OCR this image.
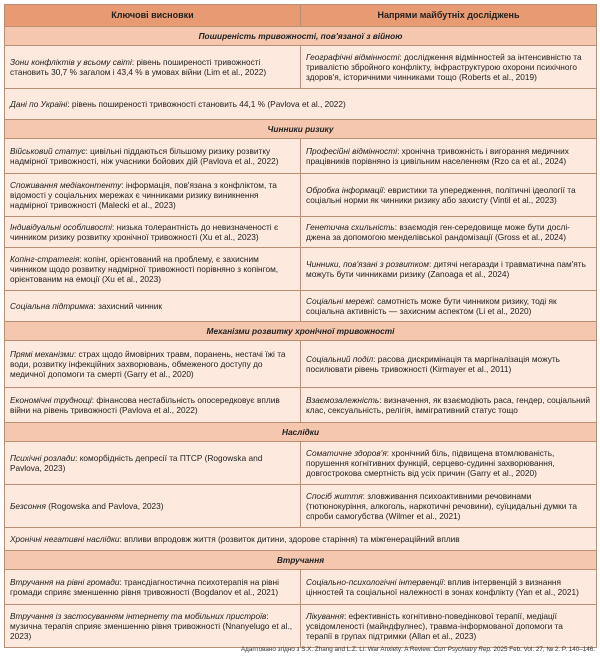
Ключові висновки	Напрями майбутніх досліджень
Поширеність тривожності, пов'язаної з війною	
Зони конфліктів у всьому світі: рівень поширеності тривожності становить 30,7 % загалом і 43,4 % в умовах війни (Lim et al., 2022)	Географічні відмінності: дослідження відмінностей за інтенсивністю та тривалістю збройного конфлікту, інфраструктурою охорони психічного здоров'я, історичними чинниками тощо (Roberts et al., 2019)
Дані по Україні: рівень поширеності тривожності становить 44,1 % (Pavlova et al., 2022)	
Чинники ризику	
Військовий статус: цивільні піддаються більшому ризику розвитку надмірної тривожності, ніж учасники бойових дій (Pavlova et al., 2022)	Професійні відмінності: хронічна тривожність і вигорання медичних працівників порівняно із цивільним населенням (Rzo ca et al., 2024)
Споживання медіаконтенту: інформація, пов'язана з конфліктом, та відомості у соціальних мережах є чинниками ризику виникнення надмірної тривожності (Malecki et al., 2023)	Обробка інформації: евристики та упередження, політичні ідеології та соціальні норми як чинники ризику або захисту (Vintil et al., 2023)
Індивідуальні особливості: низька толерантність до невизначеності є чинником ризику розвитку хронічної тривожності (Xu et al., 2023)	Генетична схильність: взаємодія ген-середовище може бути дослі-джена за допомогою менделівської рандомізації (Gross et al., 2024)
Копінг-стратегія: копінг, орієнтований на проблему, є захисним чинником щодо розвитку надмірної тривожності порівняно з копінгом, орієнтованим на емоції (Xu et al., 2023)	Чинники, пов'язані з розвитком: дитячі негаразди і травматична пам'ять можуть бути чинниками ризику (Zanoaga et al., 2024)
Соціальна підтримка: захисний чинник	Соціальні мережі: самотність може бути чинником ризику, тоді як соціальна активність — захисним аспектом (Li et al., 2020)
Механізми розвитку хронічної тривожності	
Прямі механізми: страх щодо ймовірних травм, поранень, нестачі їжі та води, розвитку інфекційних захворювань, обмеженого доступу до медичної допомоги та смерті (Garry et al., 2020)	Соціальний поділ: расова дискримінація та маргіналізація можуть посилювати рівень тривожності (Kirmayer et al., 2011)
Економічні труднощі: фінансова нестабільність опосередковує вплив війни на рівень тривожності (Pavlova et al., 2022)	Взаємозалежність: визначення, як взаємодіють раса, гендер, соціальний клас, сексуальність, релігія, іммігративний статус тощо
Наслідки	
Психічні розлади: коморбідність депресії та ПТСР (Rogowska and Pavlova, 2023)	Соматичне здоров'я: хронічний біль, підвищена втомлюваність, порушення когнітивних функцій, серцево-судинні захворювання, довгострокова смертність від усіх причин (Garry et al., 2020)
Безсоння (Rogowska and Pavlova, 2023)	Спосіб життя: зловживання психоактивними речовинами (тютюнокуріння, алкоголь, наркотичні речовини), суїцидальні думки та спроби самогубства (Wilmer et al., 2021)
Хронічні негативні наслідки: впливи впродовж життя (розвиток дитини, здорове старіння) та міжгенераційний вплив	
Втручання	
Втручання на рівні громади: трансдіагностична психотерапія на рівні громади сприяє зменшенню рівня тривожності (Bogdanov et al., 2021)	Соціально-психологічні інтервенції: вплив інтервенцій з визнання цінностей та соціальної належності в зонах конфлікту (Yan et al., 2021)
Втручання із застосуванням інтернету та мобільних пристроїв: музична терапія сприяє зменшенню рівня тривожності (Nnanyelugo et al., 2023)	Лікування: ефективність когнітивно-поведінкової терапії, медіації усвідомленості (майндфулнес), травма-інформованої допомоги та терапії в групах підтримки (Allan et al., 2023)
Адаптовано згідно з S.X. Zhang and L.Z. Li: War Anxiety: A Review. Curr Psychiatry Rep. 2025 Feb. Vol. 27, № 2. P. 140–146.
